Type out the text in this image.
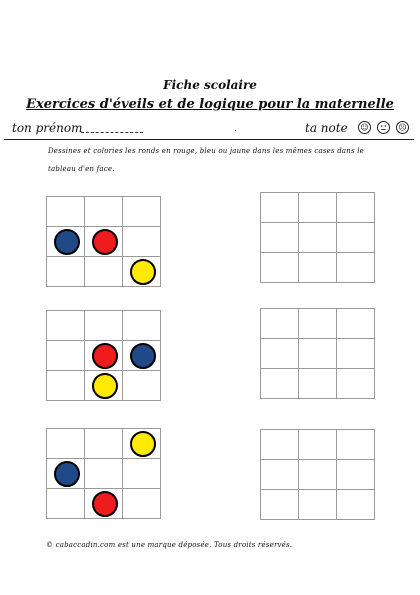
Fiche scolaire
Exercices d'éveils et de logique pour la maternelle
ton prénom	.	ta note ☺	☹
Dessines et colories les ronds en rouge, bleu ou jaune dans les mêmes cases dans le tableau d'en face.
© cabaccadin.com est une marque déposée. Tous droits réservés.
